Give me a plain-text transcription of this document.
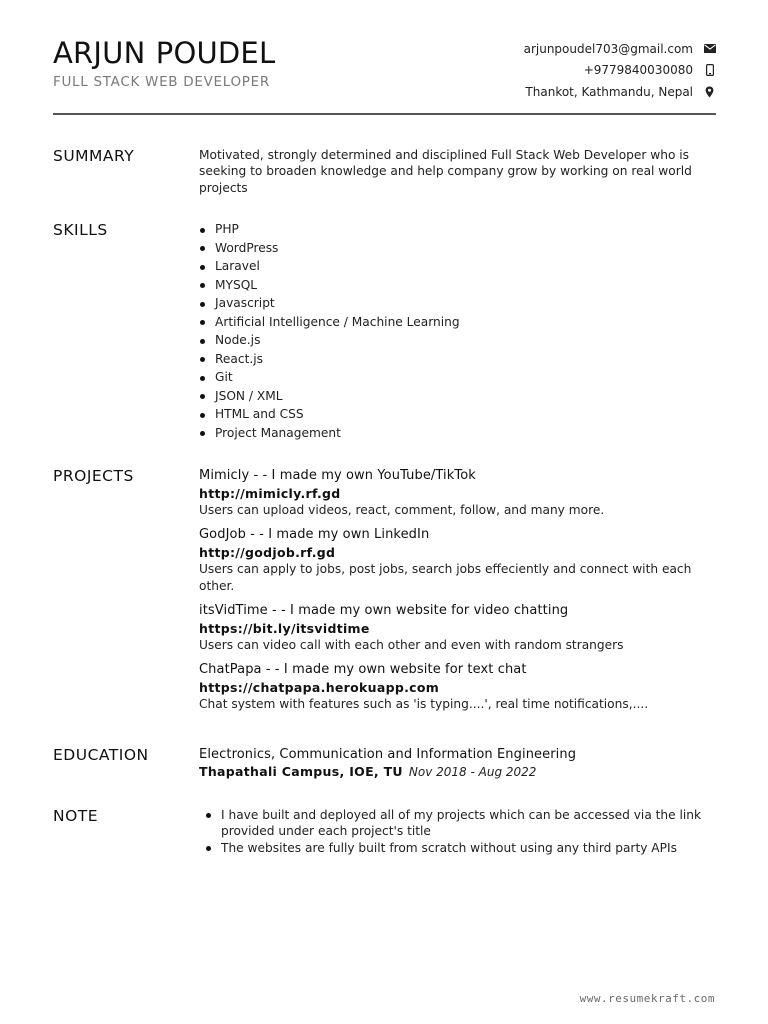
ARJUN POUDEL
FULL STACK WEB DEVELOPER
arjunpoudel703@gmail.com
+9779840030080
Thankot, Kathmandu, Nepal
SUMMARY	Motivated, strongly determined and disciplined Full Stack Web Developer who is seeking to broaden knowledge and help company grow by working on real world projects
SKILLS	PHP
WordPress
Laravel
MYSQL
Javascript
Artificial Intelligence / Machine Learning
Node.js
React.js
Git
JSON / XML
HTML and CSS
Project Management
PROJECTS	Mimicly - - I made my own YouTube/TikTok
http://mimicly.rf.gd
Users can upload videos, react, comment, follow, and many more.
GodJob - - I made my own LinkedIn
http://godjob.rf.gd
Users can apply to jobs, post jobs, search jobs effeciently and connect with each other.
itsVidTime - - I made my own website for video chatting
https://bit.ly/itsvidtime
Users can video call with each other and even with random strangers
ChatPapa - - I made my own website for text chat
https://chatpapa.herokuapp.com
Chat system with features such as 'is typing....', real time notifications,....
EDUCATION	Electronics, Communication and Information Engineering
Thapathali Campus, IOE, TU Nov 2018 - Aug 2022
NOTE	I have built and deployed all of my projects which can be accessed via the link provided under each project's title
The websites are fully built from scratch without using any third party APIs
www.resumekraft.com
